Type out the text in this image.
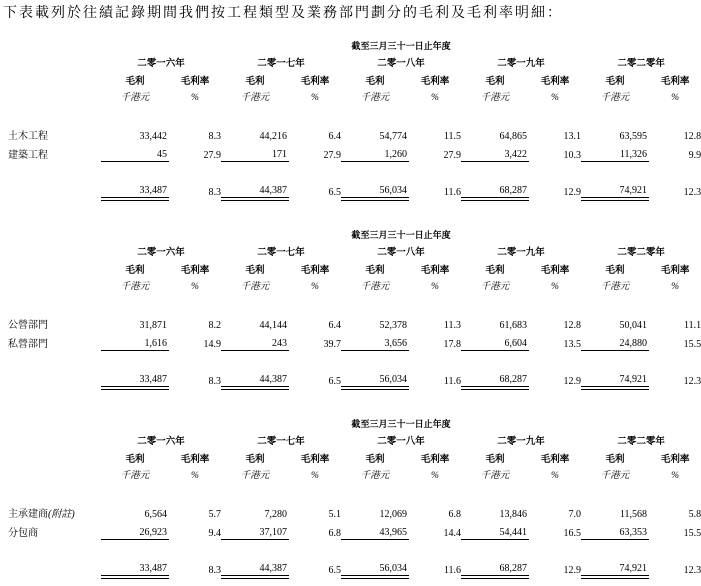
下表載列於往績記錄期間我們按工程類型及業務部門劃分的毛利及毛利率明細：

	截至三月三十一日止年度									
	二零一六年		二零一七年		二零一八年		二零一九年		二零二零年	
	毛利	毛利率	毛利	毛利率	毛利	毛利率	毛利	毛利率	毛利	毛利率
	千港元	%	千港元	%	千港元	%	千港元	%	千港元	%

土木工程	33,442	8.3	44,216	6.4	54,774	11.5	64,865	13.1	63,595	12.8
建築工程	45	27.9	171	27.9	1,260	27.9	3,422	10.3	11,326	9.9

	33,487	8.3	44,387	6.5	56,034	11.6	68,287	12.9	74,921	12.3
	截至三月三十一日止年度									
	二零一六年		二零一七年		二零一八年		二零一九年		二零二零年	
	毛利	毛利率	毛利	毛利率	毛利	毛利率	毛利	毛利率	毛利	毛利率
	千港元	%	千港元	%	千港元	%	千港元	%	千港元	%

公營部門	31,871	8.2	44,144	6.4	52,378	11.3	61,683	12.8	50,041	11.1
私營部門	1,616	14.9	243	39.7	3,656	17.8	6,604	13.5	24,880	15.5

	33,487	8.3	44,387	6.5	56,034	11.6	68,287	12.9	74,921	12.3
	截至三月三十一日止年度									
	二零一六年		二零一七年		二零一八年		二零一九年		二零二零年	
	毛利	毛利率	毛利	毛利率	毛利	毛利率	毛利	毛利率	毛利	毛利率
	千港元	%	千港元	%	千港元	%	千港元	%	千港元	%

主承建商(附註)	6,564	5.7	7,280	5.1	12,069	6.8	13,846	7.0	11,568	5.8
分包商	26,923	9.4	37,107	6.8	43,965	14.4	54,441	16.5	63,353	15.5

	33,487	8.3	44,387	6.5	56,034	11.6	68,287	12.9	74,921	12.3
